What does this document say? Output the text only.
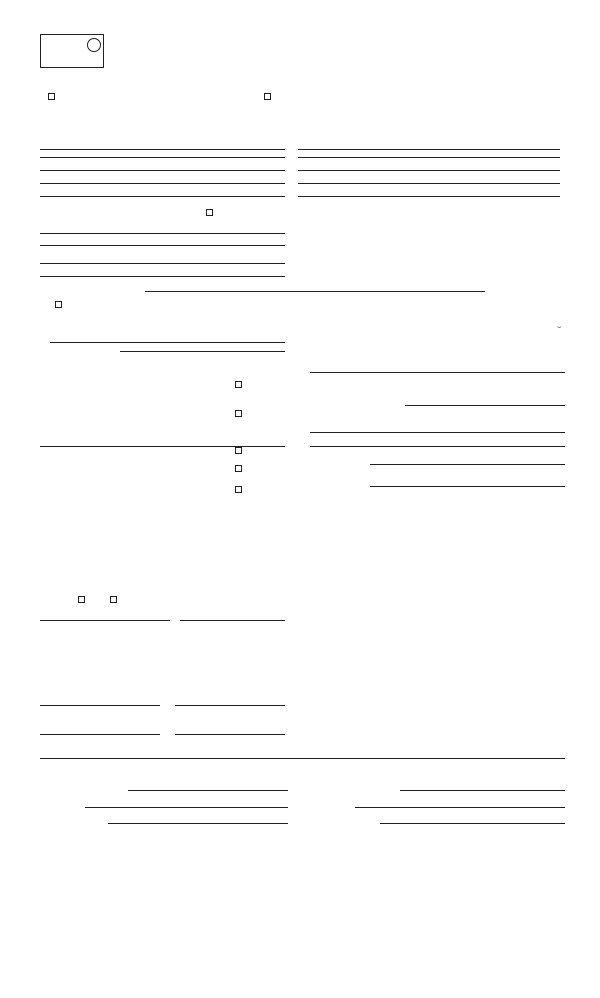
⌣
